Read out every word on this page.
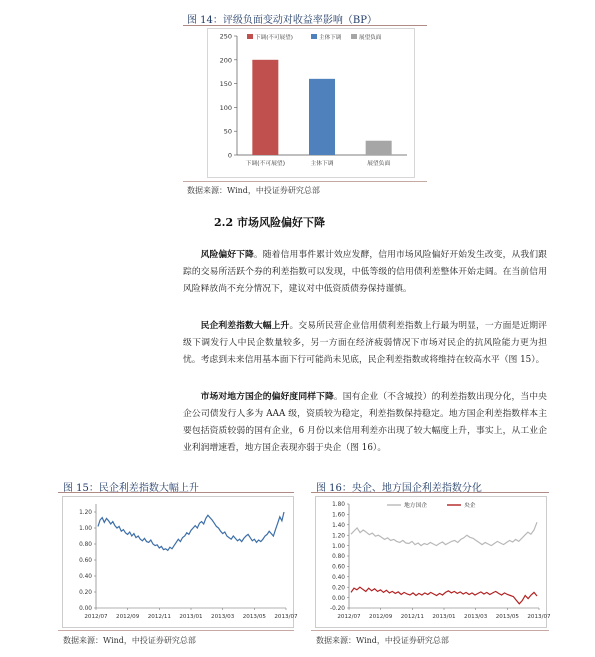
图 14：评级负面变动对收益率影响（BP）
0
50
100
150
200
250
下调(不可展望)	主体下调	展望负面
下调(不可展望)	主体下调	展望负面
数据来源：Wind，中投证券研究总部
2.2 市场风险偏好下降
风险偏好下降。随着信用事件累计效应发酵，信用市场风险偏好开始发生改变，从我们跟踪的交易所活跃个券的利差指数可以发现，中低等级的信用债利差整体开始走阔。在当前信用风险释放尚不充分情况下，建议对中低资质债券保持谨慎。
民企利差指数大幅上升。交易所民营企业信用债利差指数上行最为明显，一方面是近期评级下调发行人中民企数量较多，另一方面在经济疲弱情况下市场对民企的抗风险能力更为担忧。考虑到未来信用基本面下行可能尚未见底，民企利差指数或将维持在较高水平（图 15）。
市场对地方国企的偏好度同样下降。国有企业（不含城投）的利差指数出现分化，当中央企公司债发行人多为 AAA 级，资质较为稳定，利差指数保持稳定。地方国企利差指数样本主要包括资质较弱的国有企业，6 月份以来信用利差亦出现了较大幅度上升，事实上，从工业企业利润增速看，地方国企表现亦弱于央企（图 16）。
图 15：民企利差指数大幅上升
0.00
0.20
0.40
0.60
0.80
1.00
1.20
2012/07 2012/09 2012/11 2013/01 2013/03 2013/05 2013/07
数据来源：Wind，中投证券研究总部
图 16：央企、地方国企利差指数分化
-0.20
0.00
0.20
0.40
0.60
0.80
1.00
1.20
1.40
1.60
1.80
2012/07 2012/09 2012/11 2013/01 2013/03 2013/05 2013/07
地方国企	央企
数据来源：Wind，中投证券研究总部
